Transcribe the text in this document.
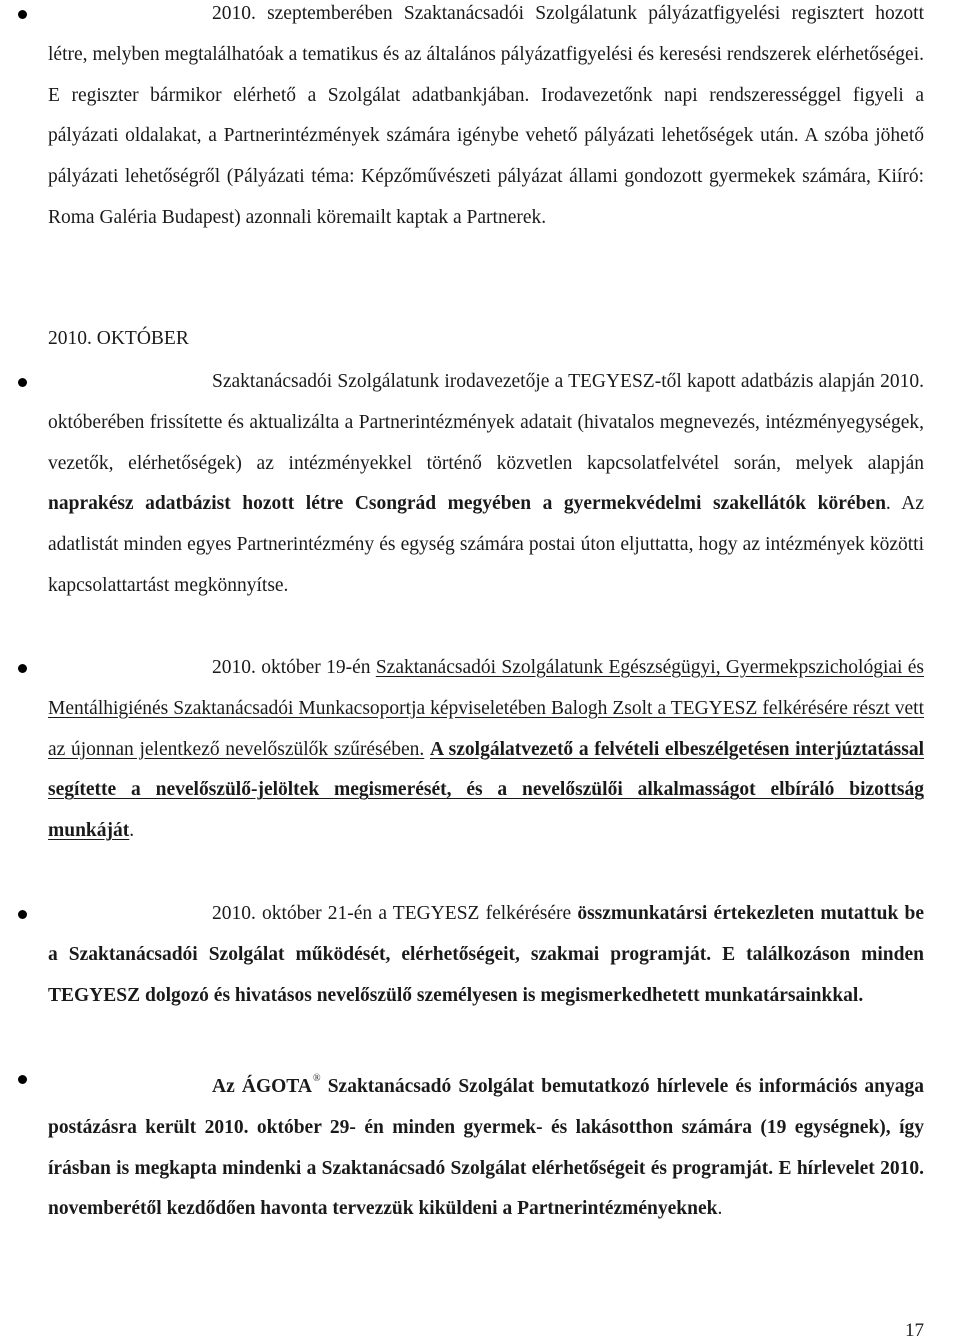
2010. szeptemberében Szaktanácsadói Szolgálatunk pályázatfigyelési regisztert hozott létre, melyben megtalálhatóak a tematikus és az általános pályázatfigyelési és keresési rendszerek elérhetőségei. E regiszter bármikor elérhető a Szolgálat adatbankjában. Irodavezetőnk napi rendszerességgel figyeli a pályázati oldalakat, a Partnerintézmények számára igénybe vehető pályázati lehetőségek után. A szóba jöhető pályázati lehetőségről (Pályázati téma: Képzőművészeti pályázat állami gondozott gyermekek számára, Kiíró: Roma Galéria Budapest) azonnali köremailt kaptak a Partnerek.
2010. OKTÓBER
Szaktanácsadói Szolgálatunk irodavezetője a TEGYESZ-től kapott adatbázis alapján 2010. októberében frissítette és aktualizálta a Partnerintézmények adatait (hivatalos megnevezés, intézményegységek, vezetők, elérhetőségek) az intézményekkel történő közvetlen kapcsolatfelvétel során, melyek alapján naprakész adatbázist hozott létre Csongrád megyében a gyermekvédelmi szakellátók körében. Az adatlistát minden egyes Partnerintézmény és egység számára postai úton eljuttatta, hogy az intézmények közötti kapcsolattartást megkönnyítse.
2010. október 19-én Szaktanácsadói Szolgálatunk Egészségügyi, Gyermekpszichológiai és Mentálhigiénés Szaktanácsadói Munkacsoportja képviseletében Balogh Zsolt a TEGYESZ felkérésére részt vett az újonnan jelentkező nevelőszülők szűrésében. A szolgálatvezető a felvételi elbeszélgetésen interjúztatással segítette a nevelőszülő-jelöltek megismerését, és a nevelőszülői alkalmasságot elbíráló bizottság munkáját.
2010. október 21-én a TEGYESZ felkérésére összmunkatársi értekezleten mutattuk be a Szaktanácsadói Szolgálat működését, elérhetőségeit, szakmai programját. E találkozáson minden TEGYESZ dolgozó és hivatásos nevelőszülő személyesen is megismerkedhetett munkatársainkkal.
Az ÁGOTA® Szaktanácsadó Szolgálat bemutatkozó hírlevele és információs anyaga postázásra került 2010. október 29- én minden gyermek- és lakásotthon számára (19 egységnek), így írásban is megkapta mindenki a Szaktanácsadó Szolgálat elérhetőségeit és programját. E hírlevelet 2010. novemberétől kezdődően havonta tervezzük kiküldeni a Partnerintézményeknek.
17
